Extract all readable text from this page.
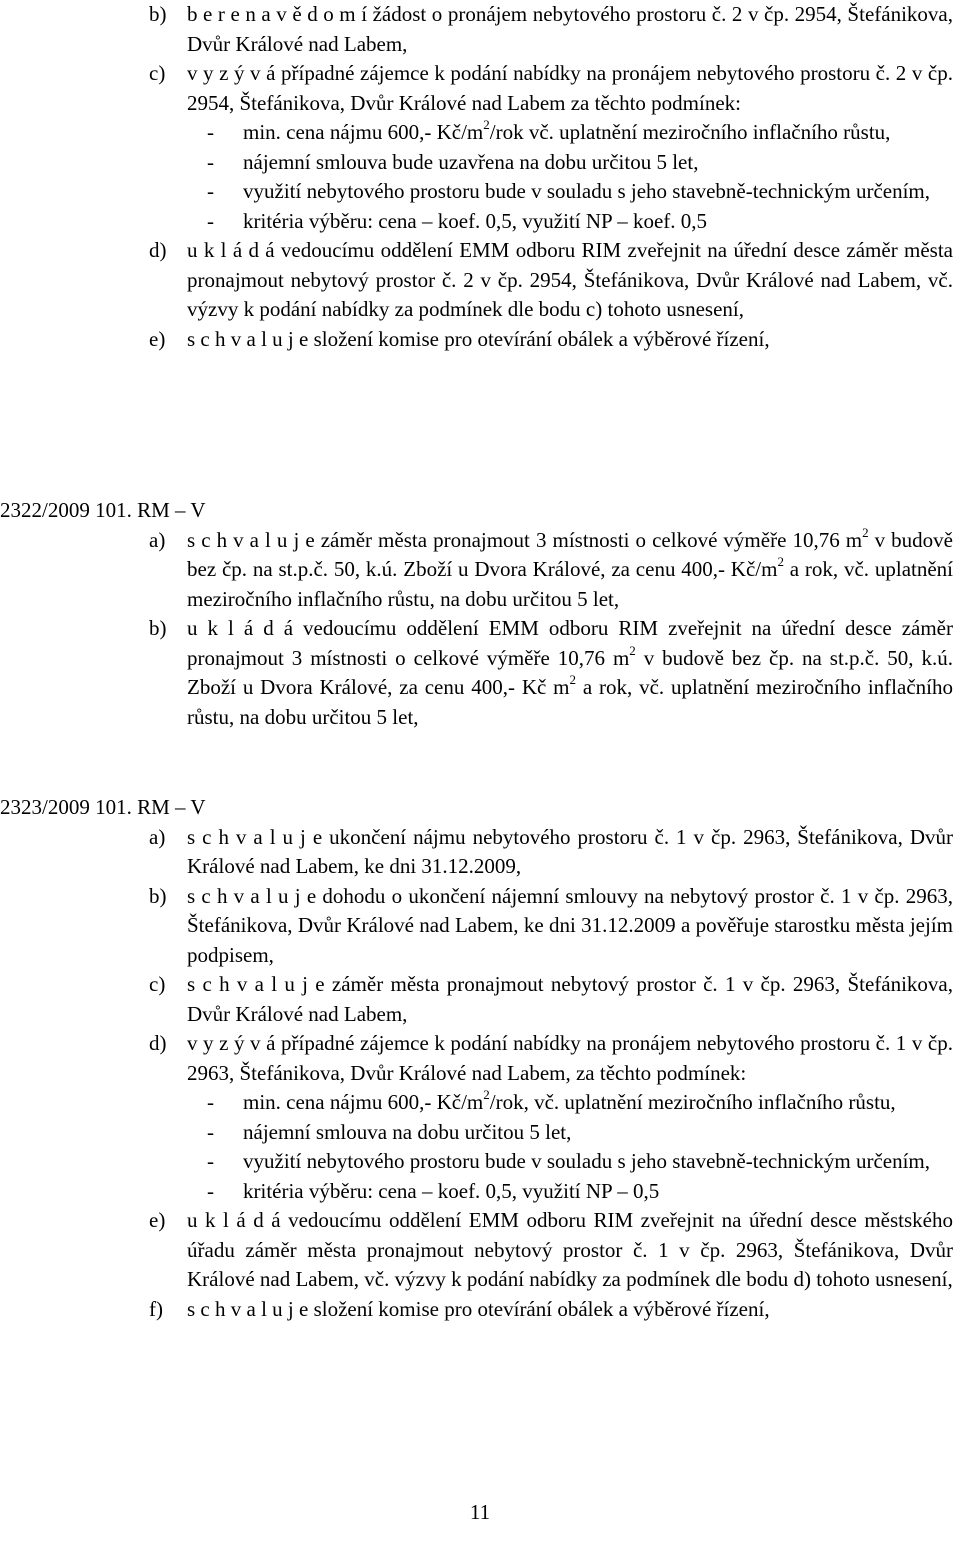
b) b e r e n a v ě d o m í žádost o pronájem nebytového prostoru č. 2 v čp. 2954, Štefánikova, Dvůr Králové nad Labem,
c) v y z ý v á případné zájemce k podání nabídky na pronájem nebytového prostoru č. 2 v čp. 2954, Štefánikova, Dvůr Králové nad Labem za těchto podmínek:
- min. cena nájmu 600,- $Kč/m^2$/rok vč. uplatnění meziročního inflačního růstu,
- nájemní smlouva bude uzavřena na dobu určitou 5 let,
- využití nebytového prostoru bude v souladu s jeho stavebně-technickým určením,
- kritéria výběru: cena – koef. 0,5, využití NP – koef. 0,5
d) u k l á d á vedoucímu oddělení EMM odboru RIM zveřejnit na úřední desce záměr města pronajmout nebytový prostor č. 2 v čp. 2954, Štefánikova, Dvůr Králové nad Labem, vč. výzvy k podání nabídky za podmínek dle bodu c) tohoto usnesení,
e) s c h v a l u j e složení komise pro otevírání obálek a výběrové řízení,
2322/2009 101. RM – V
a) s c h v a l u j e záměr města pronajmout 3 místnosti o celkové výměře 10,76 $m^2$ v budově bez čp. na st.p.č. 50, k.ú. Zboží u Dvora Králové, za cenu 400,- $Kč/m^2$ a rok, vč. uplatnění meziročního inflačního růstu, na dobu určitou 5 let,
b) u k l á d á vedoucímu oddělení EMM odboru RIM zveřejnit na úřední desce záměr pronajmout 3 místnosti o celkové výměře 10,76 $m^2$ v budově bez čp. na st.p.č. 50, k.ú. Zboží u Dvora Králové, za cenu 400,- Kč $m^2$ a rok, vč. uplatnění meziročního inflačního růstu, na dobu určitou 5 let,
2323/2009 101. RM – V
a) s c h v a l u j e ukončení nájmu nebytového prostoru č. 1 v čp. 2963, Štefánikova, Dvůr Králové nad Labem, ke dni 31.12.2009,
b) s c h v a l u j e dohodu o ukončení nájemní smlouvy na nebytový prostor č. 1 v čp. 2963, Štefánikova, Dvůr Králové nad Labem, ke dni 31.12.2009 a pověřuje starostku města jejím podpisem,
c) s c h v a l u j e záměr města pronajmout nebytový prostor č. 1 v čp. 2963, Štefánikova, Dvůr Králové nad Labem,
d) v y z ý v á případné zájemce k podání nabídky na pronájem nebytového prostoru č. 1 v čp. 2963, Štefánikova, Dvůr Králové nad Labem, za těchto podmínek:
- min. cena nájmu 600,- $Kč/m^2$/rok, vč. uplatnění meziročního inflačního růstu,
- nájemní smlouva na dobu určitou 5 let,
- využití nebytového prostoru bude v souladu s jeho stavebně-technickým určením,
- kritéria výběru: cena – koef. 0,5, využití NP – 0,5
e) u k l á d á vedoucímu oddělení EMM odboru RIM zveřejnit na úřední desce městského úřadu záměr města pronajmout nebytový prostor č. 1 v čp. 2963, Štefánikova, Dvůr Králové nad Labem, vč. výzvy k podání nabídky za podmínek dle bodu d) tohoto usnesení,
f) s c h v a l u j e složení komise pro otevírání obálek a výběrové řízení,
11
